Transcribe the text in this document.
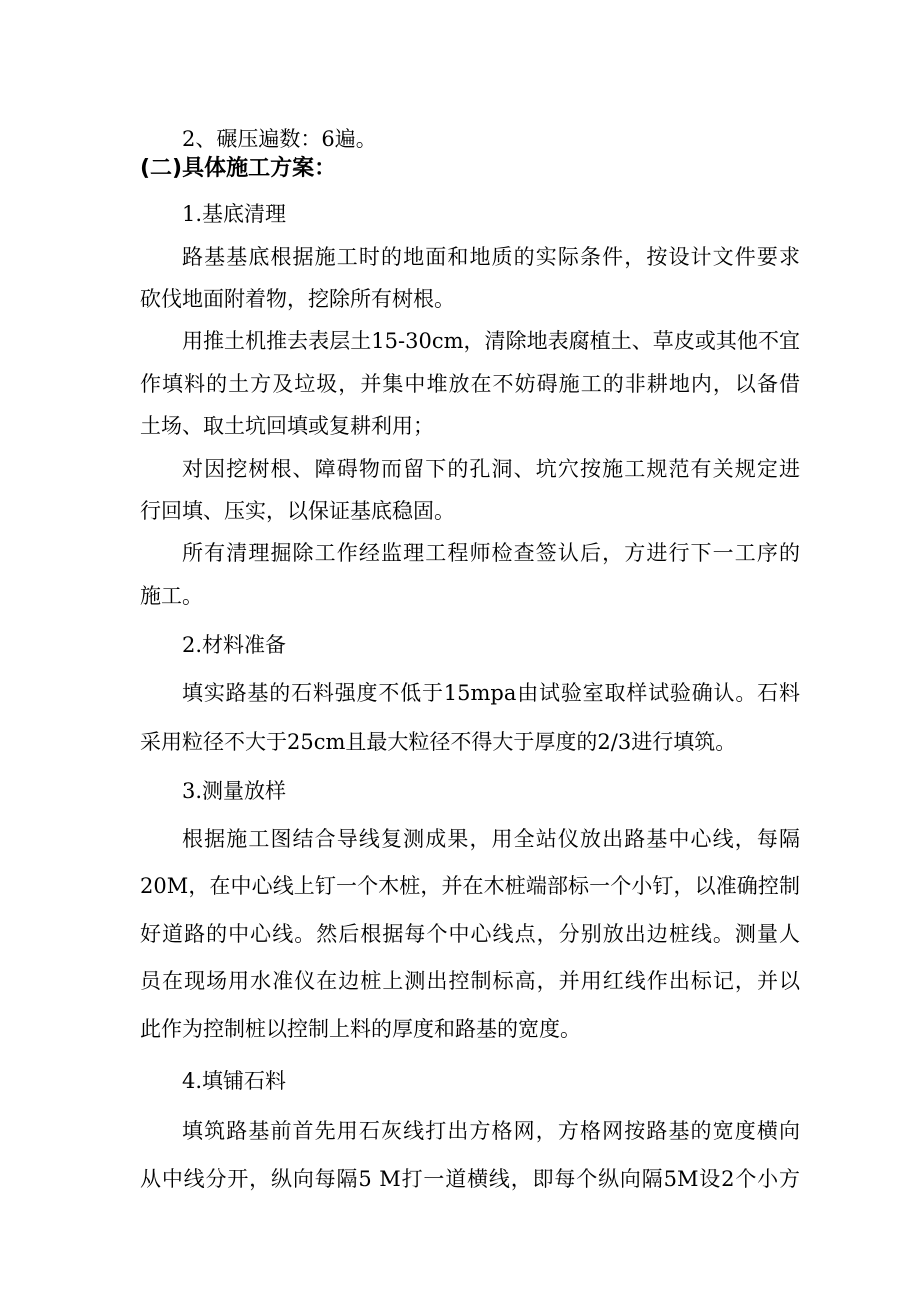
2、碾压遍数：6遍。

(二)具体施工方案：

1.基底清理

路基基底根据施工时的地面和地质的实际条件，按设计文件要求

砍伐地面附着物，挖除所有树根。

用推土机推去表层土15-30cm，清除地表腐植土、草皮或其他不宜

作填料的土方及垃圾，并集中堆放在不妨碍施工的非耕地内，以备借

土场、取土坑回填或复耕利用；

对因挖树根、障碍物而留下的孔洞、坑穴按施工规范有关规定进

行回填、压实，以保证基底稳固。

所有清理掘除工作经监理工程师检查签认后，方进行下一工序的

施工。

2.材料准备

填实路基的石料强度不低于15mpa由试验室取样试验确认。石料

采用粒径不大于25cm且最大粒径不得大于厚度的2/3进行填筑。

3.测量放样

根据施工图结合导线复测成果，用全站仪放出路基中心线，每隔

20M，在中心线上钉一个木桩，并在木桩端部标一个小钉，以准确控制

好道路的中心线。然后根据每个中心线点，分别放出边桩线。测量人

员在现场用水准仪在边桩上测出控制标高，并用红线作出标记，并以

此作为控制桩以控制上料的厚度和路基的宽度。

4.填铺石料

填筑路基前首先用石灰线打出方格网，方格网按路基的宽度横向

从中线分开，纵向每隔5 M打一道横线，即每个纵向隔5M设2个小方
